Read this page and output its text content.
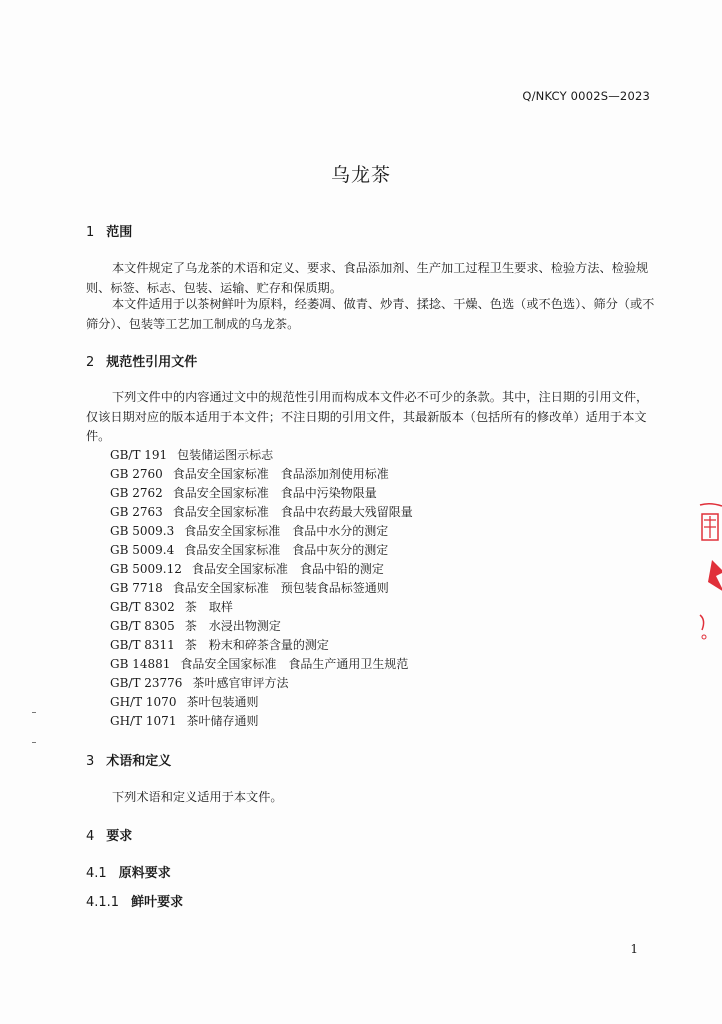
Q/NKCY 0002S—2023
乌龙茶
1 范围
本文件规定了乌龙茶的术语和定义、要求、食品添加剂、生产加工过程卫生要求、检验方法、检验规则、标签、标志、包装、运输、贮存和保质期。
本文件适用于以茶树鲜叶为原料，经萎凋、做青、炒青、揉捻、干燥、色选（或不色选）、筛分（或不筛分）、包装等工艺加工制成的乌龙茶。
2 规范性引用文件
下列文件中的内容通过文中的规范性引用而构成本文件必不可少的条款。其中，注日期的引用文件，仅该日期对应的版本适用于本文件；不注日期的引用文件，其最新版本（包括所有的修改单）适用于本文件。
GB/T 191 包装储运图示标志
GB 2760 食品安全国家标准　食品添加剂使用标准
GB 2762 食品安全国家标准　食品中污染物限量
GB 2763 食品安全国家标准　食品中农药最大残留限量
GB 5009.3 食品安全国家标准　食品中水分的测定
GB 5009.4 食品安全国家标准　食品中灰分的测定
GB 5009.12 食品安全国家标准　食品中铅的测定
GB 7718 食品安全国家标准　预包装食品标签通则
GB/T 8302 茶　取样
GB/T 8305 茶　水浸出物测定
GB/T 8311 茶　粉末和碎茶含量的测定
GB 14881 食品安全国家标准　食品生产通用卫生规范
GB/T 23776 茶叶感官审评方法
GH/T 1070 茶叶包装通则
GH/T 1071 茶叶储存通则
3 术语和定义
下列术语和定义适用于本文件。
4 要求
4.1 原料要求
4.1.1 鲜叶要求
1
